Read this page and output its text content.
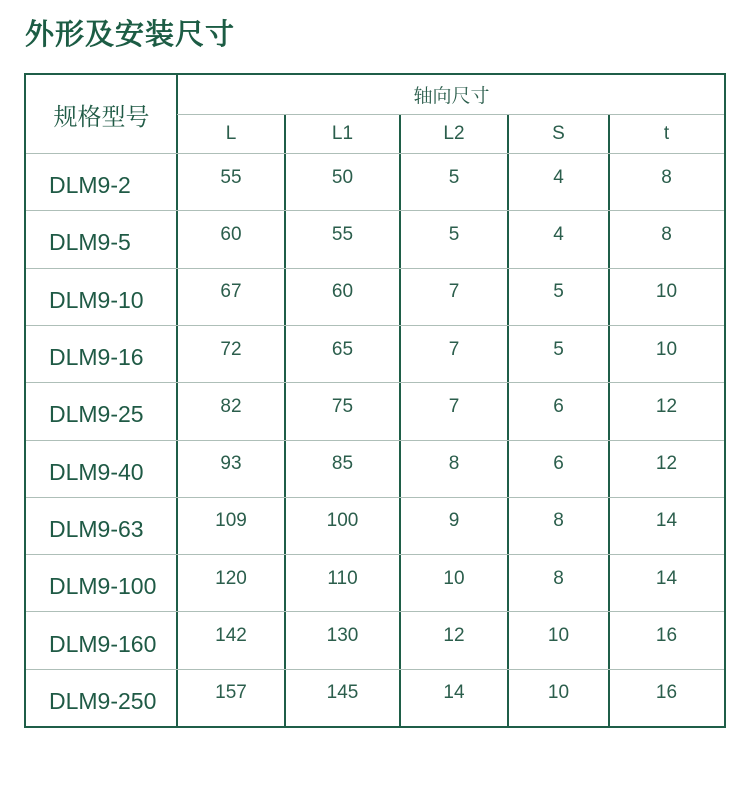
外形及安装尺寸
规格型号
轴向尺寸
L	L1	L2	S	t
DLM9-2	55	50	5	4	8
DLM9-5	60	55	5	4	8
DLM9-10	67	60	7	5	10
DLM9-16	72	65	7	5	10
DLM9-25	82	75	7	6	12
DLM9-40	93	85	8	6	12
DLM9-63	109	100	9	8	14
DLM9-100	120	110	10	8	14
DLM9-160	142	130	12	10	16
DLM9-250	157	145	14	10	16
